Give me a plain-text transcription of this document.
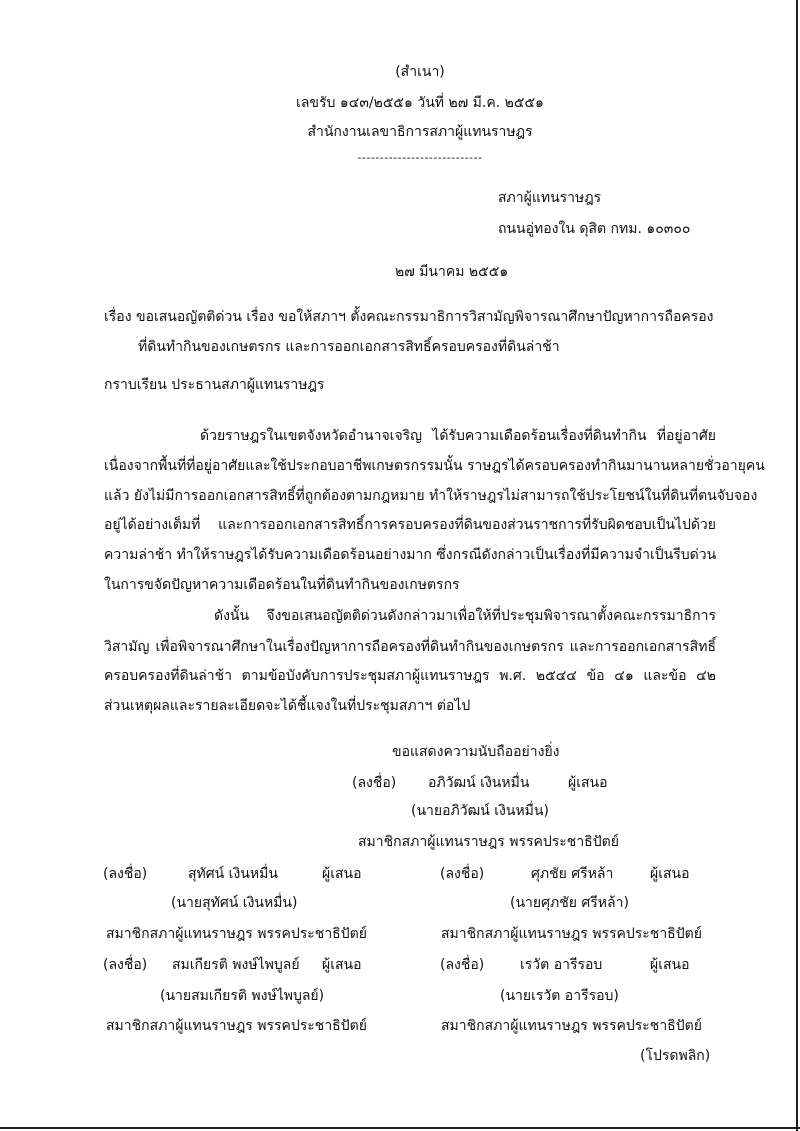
(สำเนา)
เลขรับ ๑๔๓/๒๕๕๑ วันที่ ๒๗ มี.ค. ๒๕๕๑
สำนักงานเลขาธิการสภาผู้แทนราษฎร
----------------------------
สภาผู้แทนราษฎร
ถนนอู่ทองใน ดุสิต กทม. ๑๐๓๐๐
๒๗ มีนาคม ๒๕๕๑
เรื่อง ขอเสนอญัตติด่วน เรื่อง ขอให้สภาฯ ตั้งคณะกรรมาธิการวิสามัญพิจารณาศึกษาปัญหาการถือครอง
ที่ดินทำกินของเกษตรกร และการออกเอกสารสิทธิ์ครอบครองที่ดินล่าช้า
กราบเรียน ประธานสภาผู้แทนราษฎร
ด้วยราษฎรในเขตจังหวัดอำนาจเจริญ ได้รับความเดือดร้อนเรื่องที่ดินทำกิน ที่อยู่อาศัย
เนื่องจากพื้นที่ที่อยู่อาศัยและใช้ประกอบอาชีพเกษตรกรรมนั้น ราษฎรได้ครอบครองทำกินมานานหลายชั่วอายุคน
แล้ว ยังไม่มีการออกเอกสารสิทธิ์ที่ถูกต้องตามกฎหมาย ทำให้ราษฎรไม่สามารถใช้ประโยชน์ในที่ดินที่ตนจับจอง
อยู่ได้อย่างเต็มที่ และการออกเอกสารสิทธิ์การครอบครองที่ดินของส่วนราชการที่รับผิดชอบเป็นไปด้วย
ความล่าช้า ทำให้ราษฎรได้รับความเดือดร้อนอย่างมาก ซึ่งกรณีดังกล่าวเป็นเรื่องที่มีความจำเป็นรีบด่วน
ในการขจัดปัญหาความเดือดร้อนในที่ดินทำกินของเกษตรกร
ดังนั้น จึงขอเสนอญัตติด่วนดังกล่าวมาเพื่อให้ที่ประชุมพิจารณาตั้งคณะกรรมาธิการ
วิสามัญ เพื่อพิจารณาศึกษาในเรื่องปัญหาการถือครองที่ดินทำกินของเกษตรกร และการออกเอกสารสิทธิ์
ครอบครองที่ดินล่าช้า ตามข้อบังคับการประชุมสภาผู้แทนราษฎร พ.ศ. ๒๕๔๔ ข้อ ๔๑ และข้อ ๔๒
ส่วนเหตุผลและรายละเอียดจะได้ชี้แจงในที่ประชุมสภาฯ ต่อไป
ขอแสดงความนับถืออย่างยิ่ง
(ลงชื่อ) อภิวัฒน์ เงินหมื่น	ผู้เสนอ
(นายอภิวัฒน์ เงินหมื่น)
สมาชิกสภาผู้แทนราษฎร พรรคประชาธิปัตย์
(ลงชื่อ)	สุทัศน์ เงินหมื่น	ผู้เสนอ	(ลงชื่อ)	ศุภชัย ศรีหล้า	ผู้เสนอ
(นายสุทัศน์ เงินหมื่น)	(นายศุภชัย ศรีหล้า)
สมาชิกสภาผู้แทนราษฎร พรรคประชาธิปัตย์	สมาชิกสภาผู้แทนราษฎร พรรคประชาธิปัตย์
(ลงชื่อ) สมเกียรติ พงษ์ไพบูลย์ ผู้เสนอ	(ลงชื่อ)	เรวัต อารีรอบ	ผู้เสนอ
(นายสมเกียรติ พงษ์ไพบูลย์)	(นายเรวัต อารีรอบ)
สมาชิกสภาผู้แทนราษฎร พรรคประชาธิปัตย์	สมาชิกสภาผู้แทนราษฎร พรรคประชาธิปัตย์
(โปรดพลิก)
